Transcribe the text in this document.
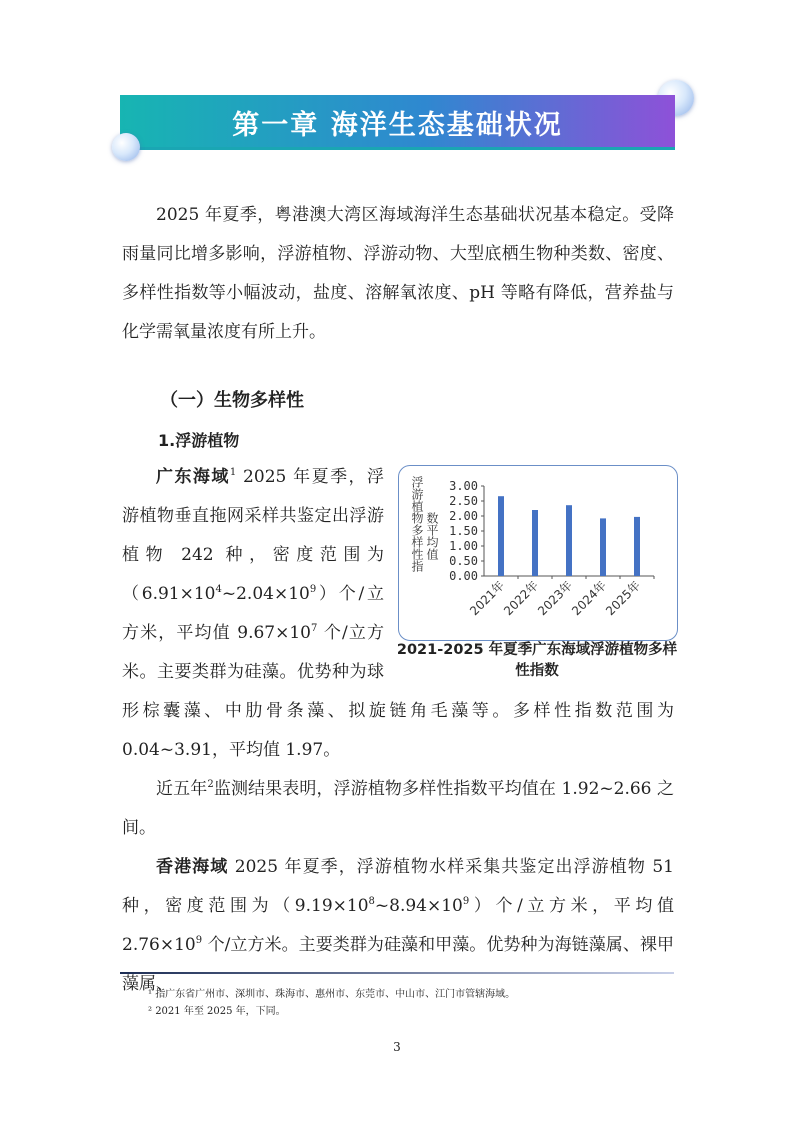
第一章 海洋生态基础状况

2025 年夏季，粤港澳大湾区海域海洋生态基础状况基本稳定。受降雨量同比增多影响，浮游植物、浮游动物、大型底栖生物种类数、密度、多样性指数等小幅波动，盐度、溶解氧浓度、pH 等略有降低，营养盐与化学需氧量浓度有所上升。

（一）生物多样性
1.浮游植物

广东海域$^1$ 2025 年夏季，浮游植物垂直拖网采样共鉴定出浮游植物 242 种，密度范围为$(6.91\times 10^4\sim 2.04\times 10^9)$个/立方米，平均值 $9.67\times 10^7$ 个/立方米。主要类群为硅藻。优势种为球形棕囊藻、中肋骨条藻、拟旋链角毛藻等。多样性指数范围为 0.04~3.91，平均值 1.97。

近五年$^2$监测结果表明，浮游植物多样性指数平均值在 1.92~2.66 之间。

香港海域 2025 年夏季，浮游植物水样采集共鉴定出浮游植物 51 种，密度范围为$(9.19\times 10^8\sim 8.94\times 10^9)$个/立方米，平均值 $2.76\times 10^9$ 个/立方米。主要类群为硅藻和甲藻。优势种为海链藻属、裸甲藻属、

0.00
0.50
1.00
1.50
2.00
2.50
3.00
2021年
2022年
2023年
2024年
2025年
浮游植物多样性指 数平均值
2021-2025 年夏季广东海域浮游植物多样性指数
¹ 指广东省广州市、深圳市、珠海市、惠州市、东莞市、中山市、江门市管辖海域。
² 2021 年至 2025 年，下同。
3
